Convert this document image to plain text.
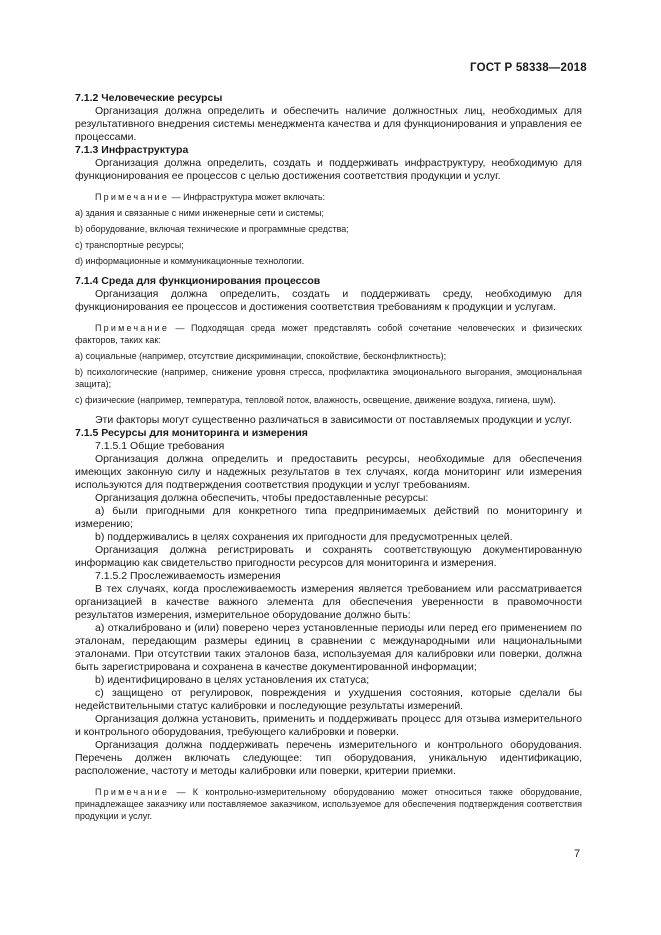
ГОСТ Р 58338—2018

7.1.2 Человеческие ресурсы

Организация должна определить и обеспечить наличие должностных лиц, необходимых для результативного внедрения системы менеджмента качества и для функционирования и управления ее процессами.

7.1.3 Инфраструктура

Организация должна определить, создать и поддерживать инфраструктуру, необходимую для функционирования ее процессов с целью достижения соответствия продукции и услуг.

Примечание — Инфраструктура может включать:

a) здания и связанные с ними инженерные сети и системы;

b) оборудование, включая технические и программные средства;

c) транспортные ресурсы;

d) информационные и коммуникационные технологии.

7.1.4 Среда для функционирования процессов

Организация должна определить, создать и поддерживать среду, необходимую для функционирования ее процессов и достижения соответствия требованиям к продукции и услугам.

Примечание — Подходящая среда может представлять собой сочетание человеческих и физических факторов, таких как:

а) социальные (например, отсутствие дискриминации, спокойствие, бесконфликтность);

b) психологические (например, снижение уровня стресса, профилактика эмоционального выгорания, эмоциональная защита);

c) физические (например, температура, тепловой поток, влажность, освещение, движение воздуха, гигиена, шум).

Эти факторы могут существенно различаться в зависимости от поставляемых продукции и услуг.

7.1.5 Ресурсы для мониторинга и измерения

7.1.5.1 Общие требования

Организация должна определить и предоставить ресурсы, необходимые для обеспечения имеющих законную силу и надежных результатов в тех случаях, когда мониторинг или измерения используются для подтверждения соответствия продукции и услуг требованиям.

Организация должна обеспечить, чтобы предоставленные ресурсы:

а) были пригодными для конкретного типа предпринимаемых действий по мониторингу и измерению;

b) поддерживались в целях сохранения их пригодности для предусмотренных целей.

Организация должна регистрировать и сохранять соответствующую документированную информацию как свидетельство пригодности ресурсов для мониторинга и измерения.

7.1.5.2 Прослеживаемость измерения

В тех случаях, когда прослеживаемость измерения является требованием или рассматривается организацией в качестве важного элемента для обеспечения уверенности в правомочности результатов измерения, измерительное оборудование должно быть:

а) откалибровано и (или) поверено через установленные периоды или перед его применением по эталонам, передающим размеры единиц в сравнении с международными или национальными эталонами. При отсутствии таких эталонов база, используемая для калибровки или поверки, должна быть зарегистрирована и сохранена в качестве документированной информации;

b) идентифицировано в целях установления их статуса;

c) защищено от регулировок, повреждения и ухудшения состояния, которые сделали бы недействительными статус калибровки и последующие результаты измерений.

Организация должна установить, применить и поддерживать процесс для отзыва измерительного и контрольного оборудования, требующего калибровки и поверки.

Организация должна поддерживать перечень измерительного и контрольного оборудования. Перечень должен включать следующее: тип оборудования, уникальную идентификацию, расположение, частоту и методы калибровки или поверки, критерии приемки.

Примечание — К контрольно-измерительному оборудованию может относиться также оборудование, принадлежащее заказчику или поставляемое заказчиком, используемое для обеспечения подтверждения соответствия продукции и услуг.

7
